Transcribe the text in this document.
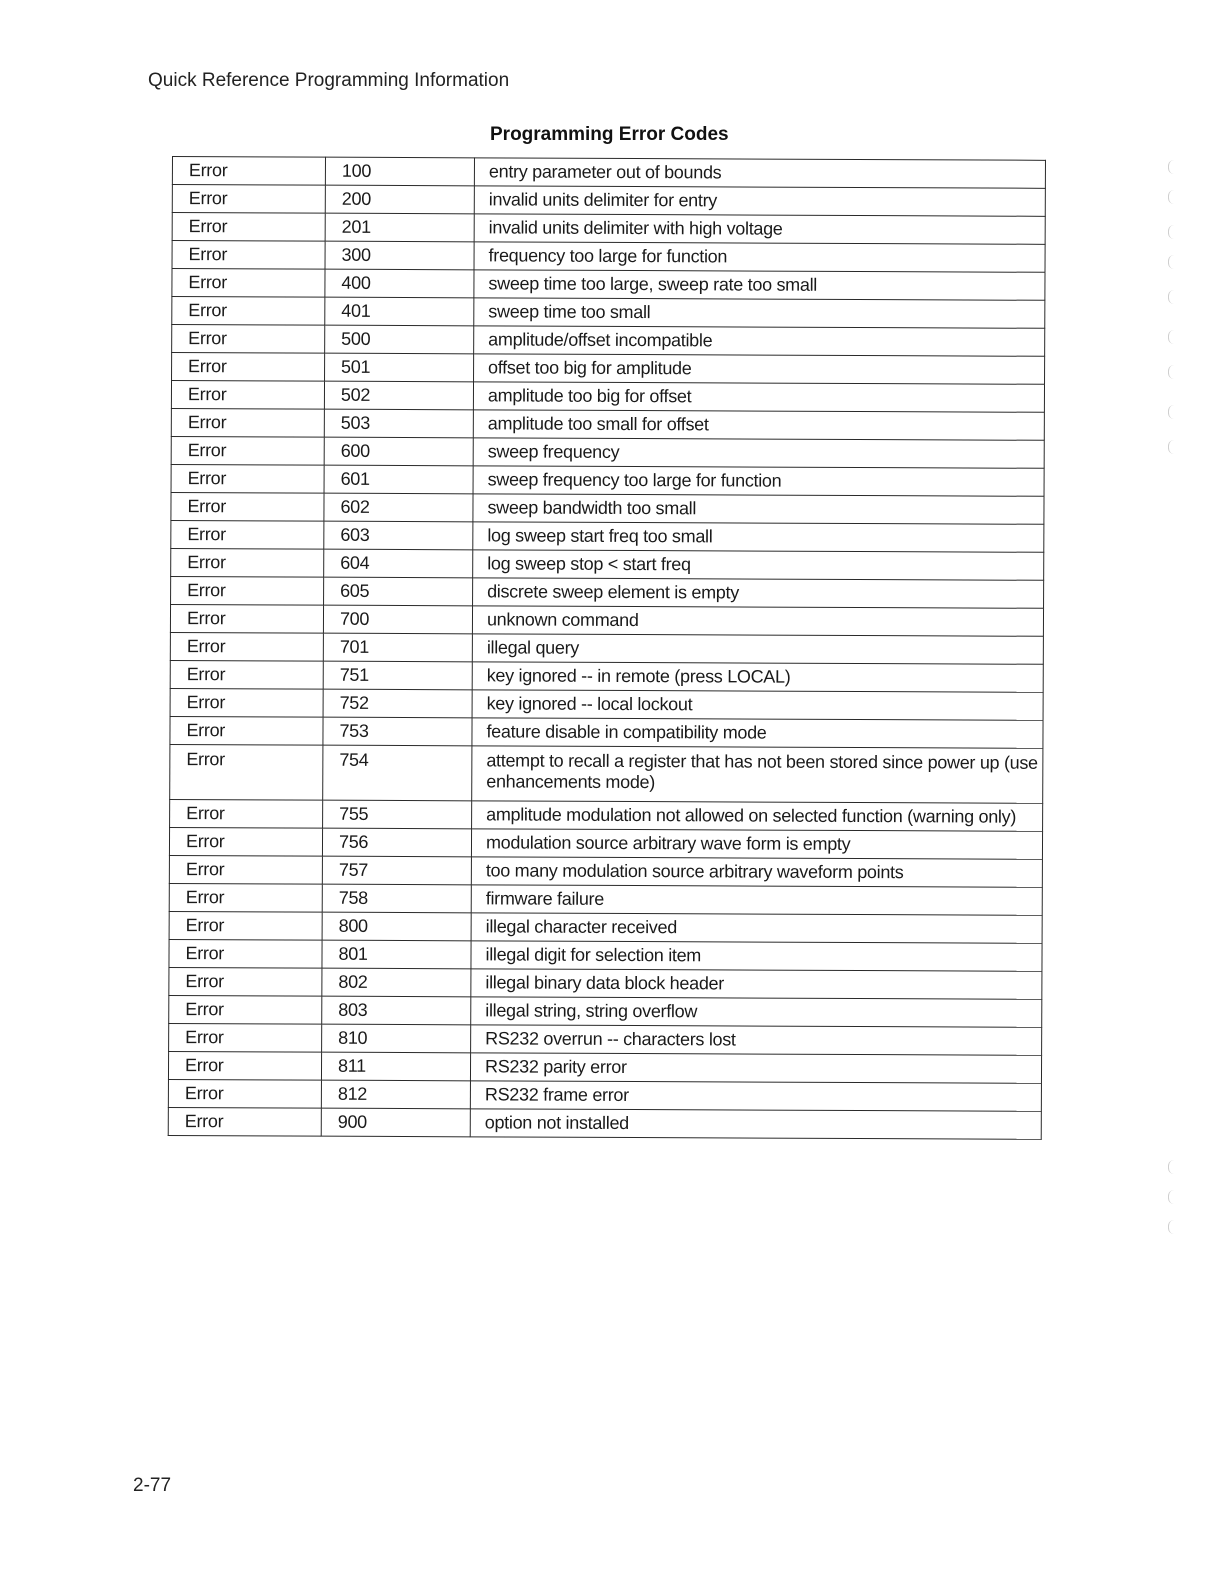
Quick Reference Programming Information
Programming Error Codes
Error	100	entry parameter out of bounds
Error	200	invalid units delimiter for entry
Error	201	invalid units delimiter with high voltage
Error	300	frequency too large for function
Error	400	sweep time too large, sweep rate too small
Error	401	sweep time too small
Error	500	amplitude/offset incompatible
Error	501	offset too big for amplitude
Error	502	amplitude too big for offset
Error	503	amplitude too small for offset
Error	600	sweep frequency
Error	601	sweep frequency too large for function
Error	602	sweep bandwidth too small
Error	603	log sweep start freq too small
Error	604	log sweep stop < start freq
Error	605	discrete sweep element is empty
Error	700	unknown command
Error	701	illegal query
Error	751	key ignored -- in remote (press LOCAL)
Error	752	key ignored -- local lockout
Error	753	feature disable in compatibility mode
Error	754	attempt to recall a register that has not been stored since power up (use enhancements mode)
Error	755	amplitude modulation not allowed on selected function (warning only)
Error	756	modulation source arbitrary wave form is empty
Error	757	too many modulation source arbitrary waveform points
Error	758	firmware failure
Error	800	illegal character received
Error	801	illegal digit for selection item
Error	802	illegal binary data block header
Error	803	illegal string, string overflow
Error	810	RS232 overrun -- characters lost
Error	811	RS232 parity error
Error	812	RS232 frame error
Error	900	option not installed
2-77
